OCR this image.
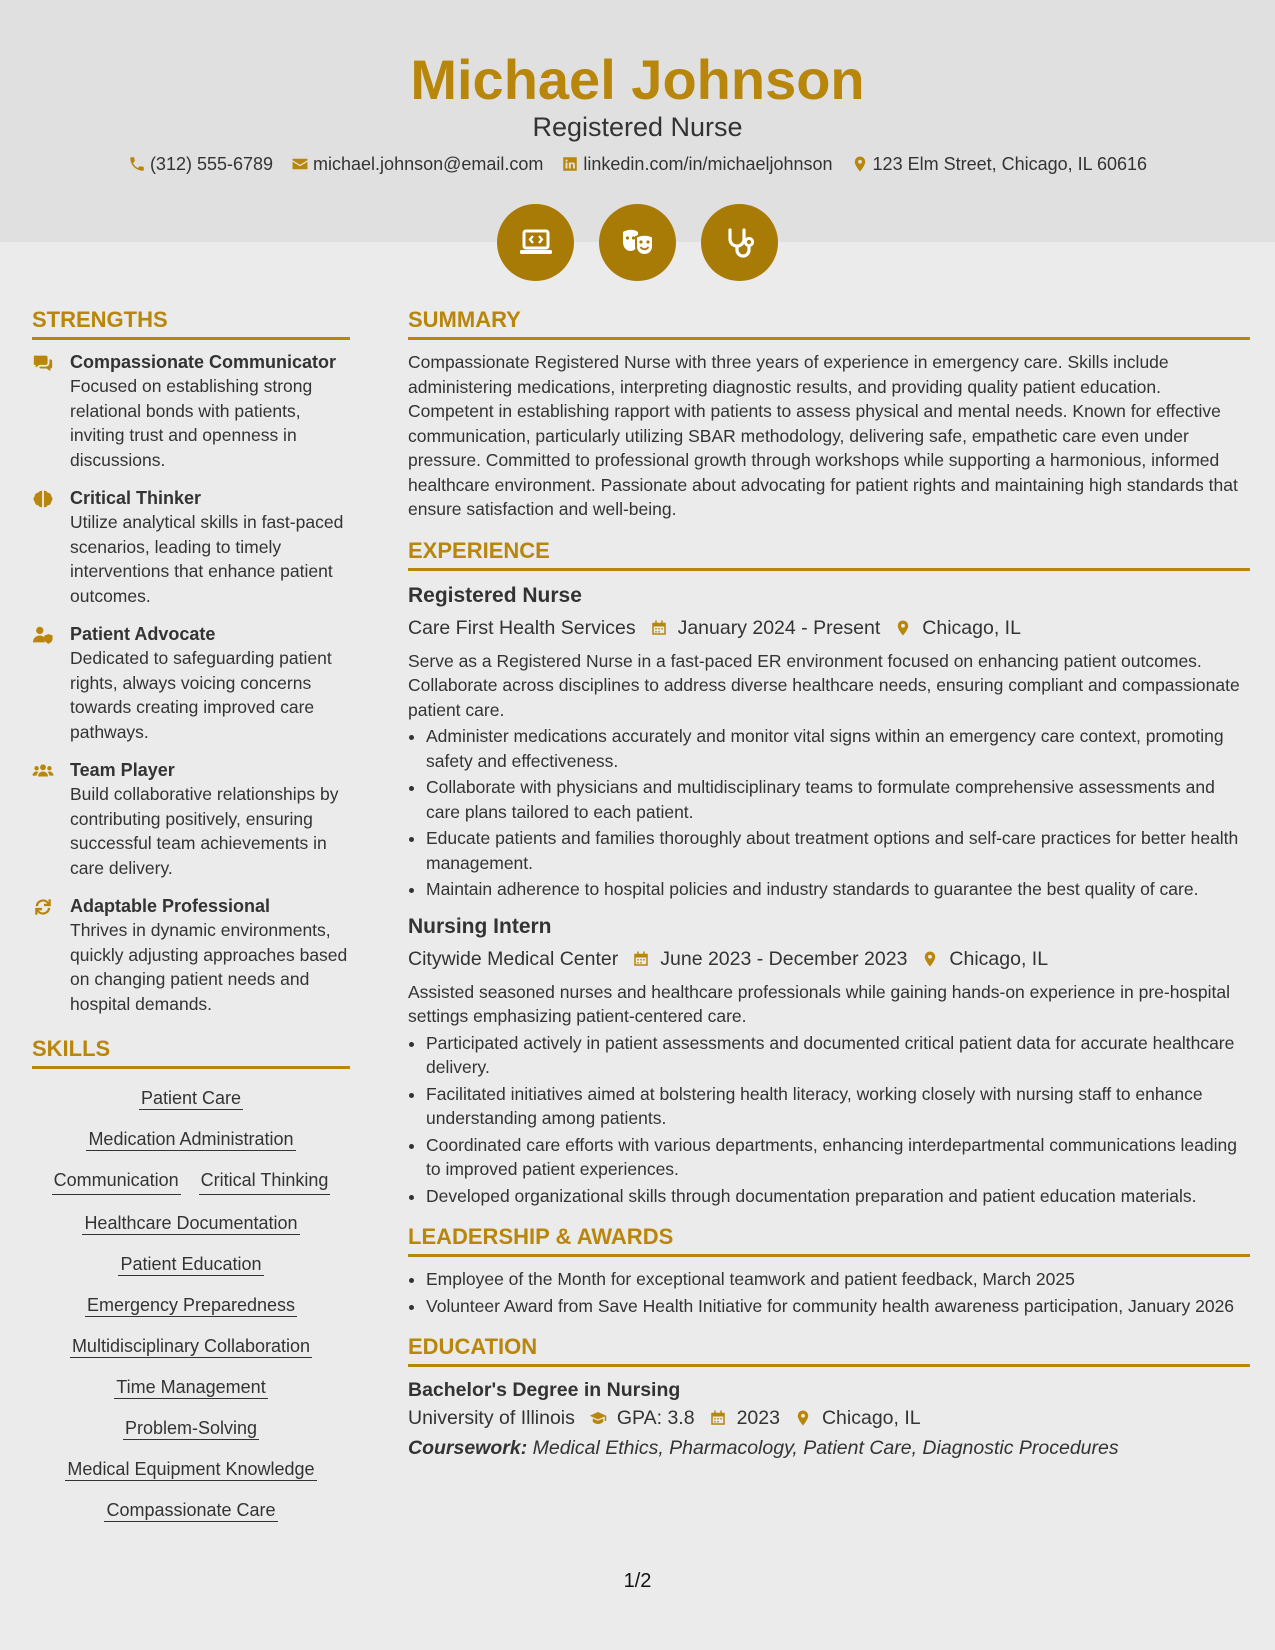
Michael Johnson
Registered Nurse
(312) 555-6789 michael.johnson@email.com linkedin.com/in/michaeljohnson 123 Elm Street, Chicago, IL 60616
STRENGTHS
Compassionate Communicator
Focused on establishing strong relational bonds with patients, inviting trust and openness in discussions.
Critical Thinker
Utilize analytical skills in fast-paced scenarios, leading to timely interventions that enhance patient outcomes.
Patient Advocate
Dedicated to safeguarding patient rights, always voicing concerns towards creating improved care pathways.
Team Player
Build collaborative relationships by contributing positively, ensuring successful team achievements in care delivery.
Adaptable Professional
Thrives in dynamic environments, quickly adjusting approaches based on changing patient needs and hospital demands.
SKILLS
Patient Care
Medication Administration
Communication Critical Thinking
Healthcare Documentation
Patient Education
Emergency Preparedness
Multidisciplinary Collaboration
Time Management
Problem-Solving
Medical Equipment Knowledge
Compassionate Care
SUMMARY

Compassionate Registered Nurse with three years of experience in emergency care. Skills include administering medications, interpreting diagnostic results, and providing quality patient education. Competent in establishing rapport with patients to assess physical and mental needs. Known for effective communication, particularly utilizing SBAR methodology, delivering safe, empathetic care even under pressure. Committed to professional growth through workshops while supporting a harmonious, informed healthcare environment. Passionate about advocating for patient rights and maintaining high standards that ensure satisfaction and well-being.

EXPERIENCE
Registered Nurse
Care First Health Services January 2024 - Present Chicago, IL

Serve as a Registered Nurse in a fast-paced ER environment focused on enhancing patient outcomes. Collaborate across disciplines to address diverse healthcare needs, ensuring compliant and compassionate patient care.

• Administer medications accurately and monitor vital signs within an emergency care context, promoting safety and effectiveness.
• Collaborate with physicians and multidisciplinary teams to formulate comprehensive assessments and care plans tailored to each patient.
• Educate patients and families thoroughly about treatment options and self-care practices for better health management.
• Maintain adherence to hospital policies and industry standards to guarantee the best quality of care.
Nursing Intern
Citywide Medical Center June 2023 - December 2023 Chicago, IL

Assisted seasoned nurses and healthcare professionals while gaining hands-on experience in pre-hospital settings emphasizing patient-centered care.

• Participated actively in patient assessments and documented critical patient data for accurate healthcare delivery.
• Facilitated initiatives aimed at bolstering health literacy, working closely with nursing staff to enhance understanding among patients.
• Coordinated care efforts with various departments, enhancing interdepartmental communications leading to improved patient experiences.
• Developed organizational skills through documentation preparation and patient education materials.
LEADERSHIP & AWARDS
• Employee of the Month for exceptional teamwork and patient feedback, March 2025
• Volunteer Award from Save Health Initiative for community health awareness participation, January 2026
EDUCATION
Bachelor's Degree in Nursing
University of Illinois GPA: 3.8 2023 Chicago, IL
Coursework: Medical Ethics, Pharmacology, Patient Care, Diagnostic Procedures
1/2
